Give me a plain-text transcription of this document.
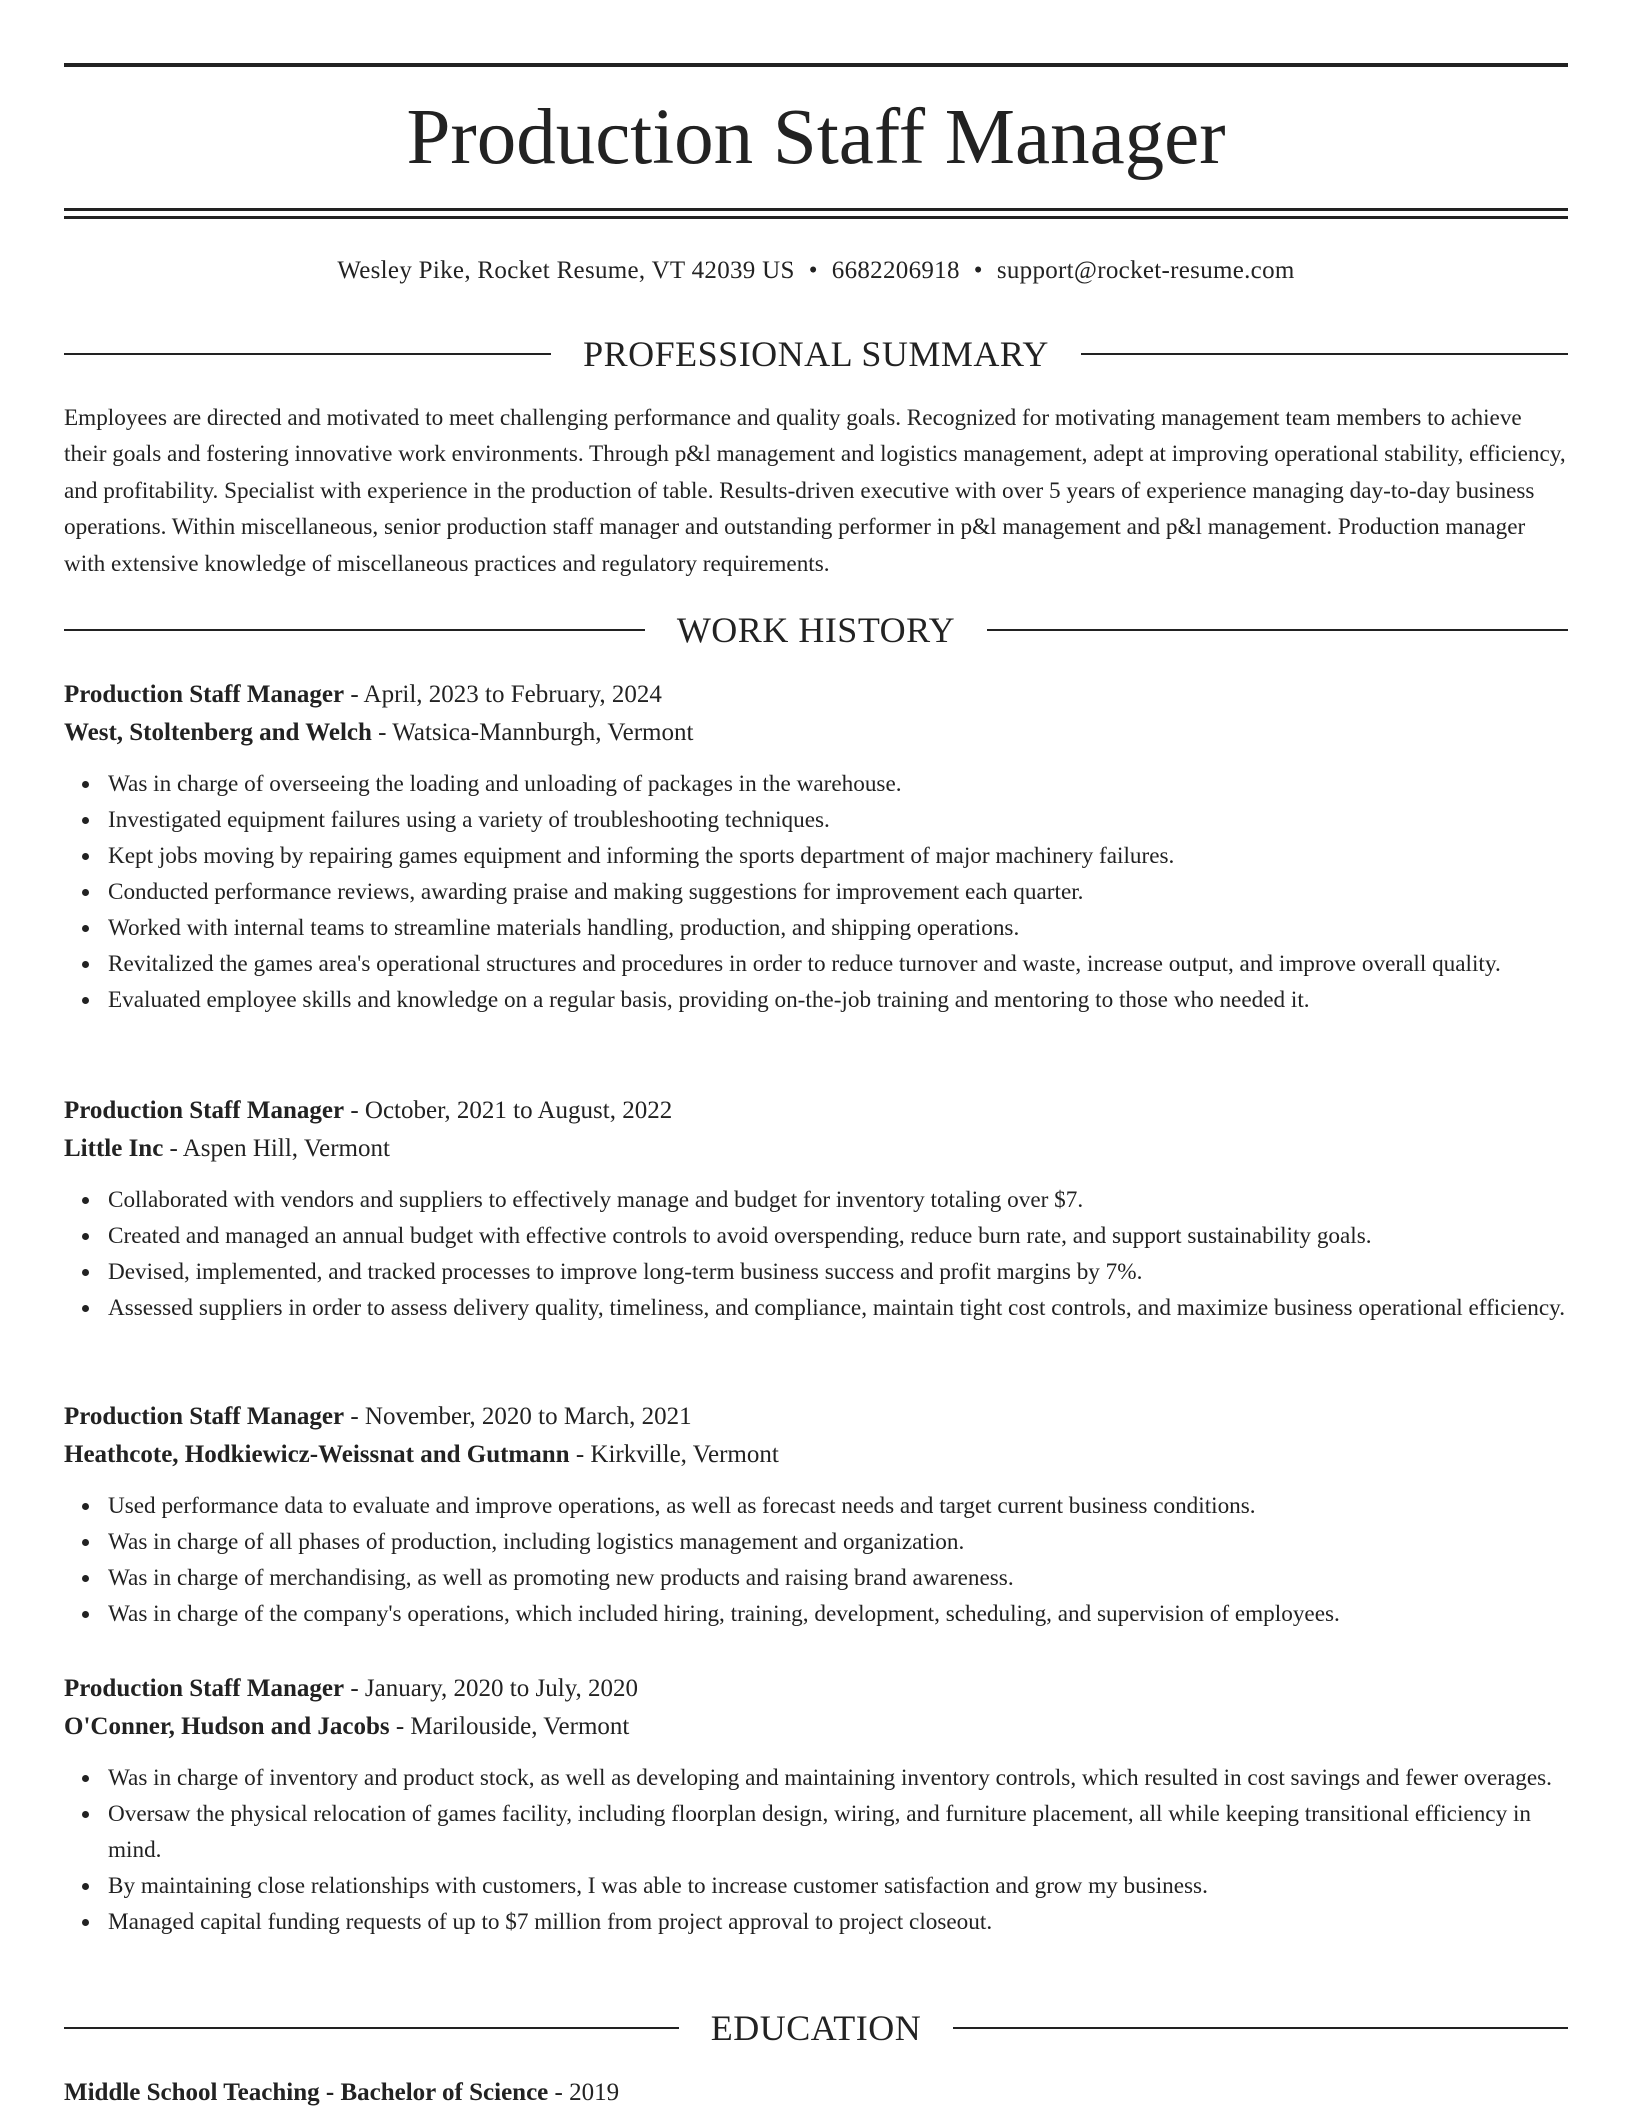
Production Staff Manager
Wesley Pike, Rocket Resume, VT 42039 US • 6682206918 • support@rocket-resume.com
PROFESSIONAL SUMMARY

Employees are directed and motivated to meet challenging performance and quality goals. Recognized for motivating management team members to achieve their goals and fostering innovative work environments. Through p&l management and logistics management, adept at improving operational stability, efficiency, and profitability. Specialist with experience in the production of table. Results-driven executive with over 5 years of experience managing day-to-day business operations. Within miscellaneous, senior production staff manager and outstanding performer in p&l management and p&l management. Production manager with extensive knowledge of miscellaneous practices and regulatory requirements.

WORK HISTORY
Production Staff Manager - April, 2023 to February, 2024
West, Stoltenberg and Welch - Watsica-Mannburgh, Vermont
Was in charge of overseeing the loading and unloading of packages in the warehouse.
Investigated equipment failures using a variety of troubleshooting techniques.
Kept jobs moving by repairing games equipment and informing the sports department of major machinery failures.
Conducted performance reviews, awarding praise and making suggestions for improvement each quarter.
Worked with internal teams to streamline materials handling, production, and shipping operations.
Revitalized the games area's operational structures and procedures in order to reduce turnover and waste, increase output, and improve overall quality.
Evaluated employee skills and knowledge on a regular basis, providing on-the-job training and mentoring to those who needed it.
Production Staff Manager - October, 2021 to August, 2022
Little Inc - Aspen Hill, Vermont
Collaborated with vendors and suppliers to effectively manage and budget for inventory totaling over $7.
Created and managed an annual budget with effective controls to avoid overspending, reduce burn rate, and support sustainability goals.
Devised, implemented, and tracked processes to improve long-term business success and profit margins by 7%.
Assessed suppliers in order to assess delivery quality, timeliness, and compliance, maintain tight cost controls, and maximize business operational efficiency.
Production Staff Manager - November, 2020 to March, 2021
Heathcote, Hodkiewicz-Weissnat and Gutmann - Kirkville, Vermont
Used performance data to evaluate and improve operations, as well as forecast needs and target current business conditions.
Was in charge of all phases of production, including logistics management and organization.
Was in charge of merchandising, as well as promoting new products and raising brand awareness.
Was in charge of the company's operations, which included hiring, training, development, scheduling, and supervision of employees.
Production Staff Manager - January, 2020 to July, 2020
O'Conner, Hudson and Jacobs - Marilouside, Vermont
Was in charge of inventory and product stock, as well as developing and maintaining inventory controls, which resulted in cost savings and fewer overages.
Oversaw the physical relocation of games facility, including floorplan design, wiring, and furniture placement, all while keeping transitional efficiency in mind.
By maintaining close relationships with customers, I was able to increase customer satisfaction and grow my business.
Managed capital funding requests of up to $7 million from project approval to project closeout.
EDUCATION
Middle School Teaching - Bachelor of Science - 2019
